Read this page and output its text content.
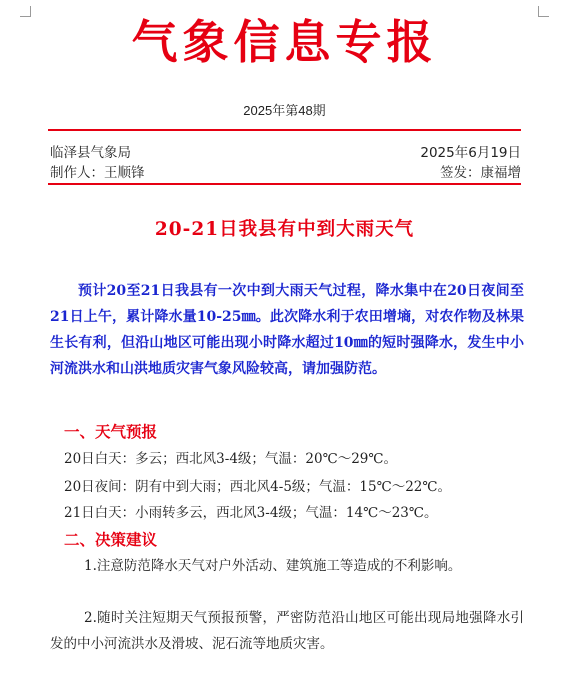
气象信息专报
2025年第48期
临泽县气象局
制作人：王顺锋
2025年6月19日
签发：康福增
20-21日我县有中到大雨天气
预计20至21日我县有一次中到大雨天气过程，降水集中在20日夜间至21日上午，累计降水量10-25㎜。此次降水利于农田增墒，对农作物及林果生长有利，但沿山地区可能出现小时降水超过10㎜的短时强降水，发生中小河流洪水和山洪地质灾害气象风险较高，请加强防范。
一、天气预报
20日白天：多云；西北风3-4级；气温：20℃～29℃。
20日夜间：阴有中到大雨；西北风4-5级；气温：15℃～22℃。
21日白天：小雨转多云，西北风3-4级；气温：14℃～23℃。
二、决策建议
1.注意防范降水天气对户外活动、建筑施工等造成的不利影响。
2.随时关注短期天气预报预警，严密防范沿山地区可能出现局地强降水引发的中小河流洪水及滑坡、泥石流等地质灾害。
